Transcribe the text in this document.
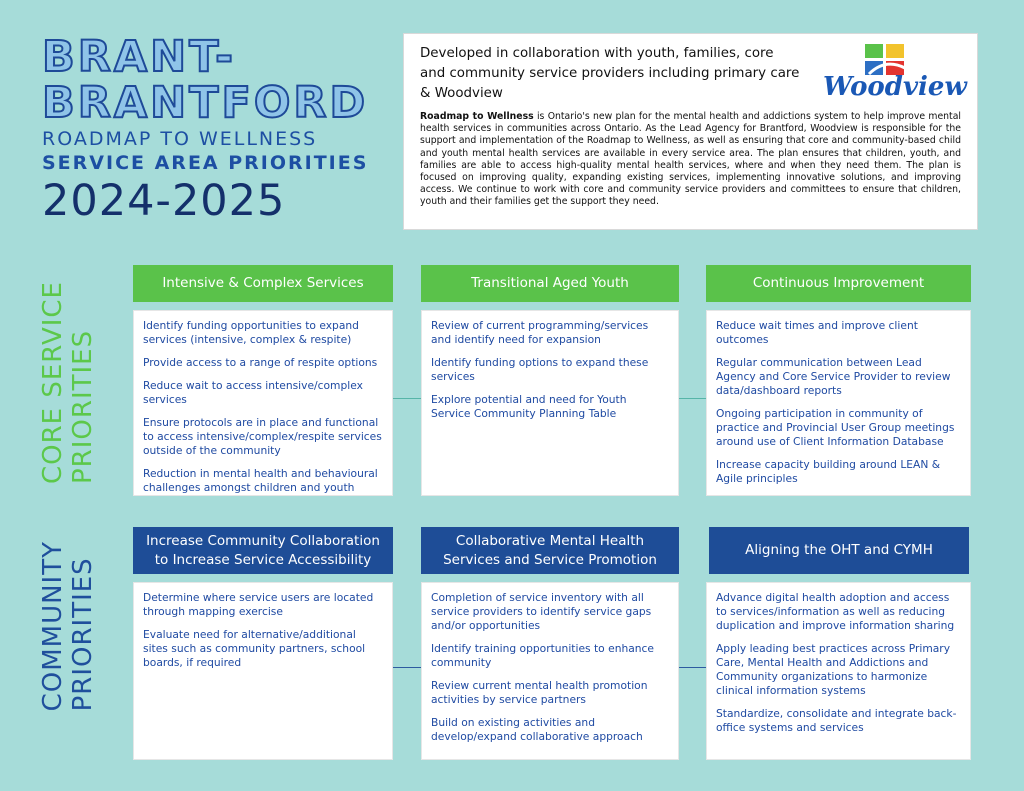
BRANT-
BRANTFORD
ROADMAP TO WELLNESS
SERVICE AREA PRIORITIES
2024-2025
Developed in collaboration with youth, families, core and community service providers including primary care & Woodview	Woodview
Roadmap to Wellness is Ontario's new plan for the mental health and addictions system to help improve mental health services in communities across Ontario. As the Lead Agency for Brantford, Woodview is responsible for the support and implementation of the Roadmap to Wellness, as well as ensuring that core and community-based child and youth mental health services are available in every service area. The plan ensures that children, youth, and families are able to access high-quality mental health services, where and when they need them. The plan is focused on improving quality, expanding existing services, implementing innovative solutions, and improving access. We continue to work with core and community service providers and committees to ensure that children, youth and their families get the support they need.
CORE SERVICE PRIORITIES
Intensive & Complex Services	Transitional Aged Youth	Continuous Improvement

Identify funding opportunities to expand services (intensive, complex & respite)

Provide access to a range of respite options

Reduce wait to access intensive/complex services

Ensure protocols are in place and functional to access intensive/complex/respite services outside of the community

Reduction in mental health and behavioural challenges amongst children and youth

Review of current programming/services and identify need for expansion

Identify funding options to expand these services

Explore potential and need for Youth Service Community Planning Table

Reduce wait times and improve client outcomes

Regular communication between Lead Agency and Core Service Provider to review data/dashboard reports

Ongoing participation in community of practice and Provincial User Group meetings around use of Client Information Database

Increase capacity building around LEAN & Agile principles

COMMUNITY PRIORITIES
Increase Community Collaboration to Increase Service Accessibility
Collaborative Mental Health Services and Service Promotion
Aligning the OHT and CYMH

Determine where service users are located through mapping exercise

Evaluate need for alternative/additional sites such as community partners, school boards, if required

Completion of service inventory with all service providers to identify service gaps and/or opportunities

Identify training opportunities to enhance community

Review current mental health promotion activities by service partners

Build on existing activities and develop/expand collaborative approach

Advance digital health adoption and access to services/information as well as reducing duplication and improve information sharing

Apply leading best practices across Primary Care, Mental Health and Addictions and Community organizations to harmonize clinical information systems

Standardize, consolidate and integrate back-office systems and services
